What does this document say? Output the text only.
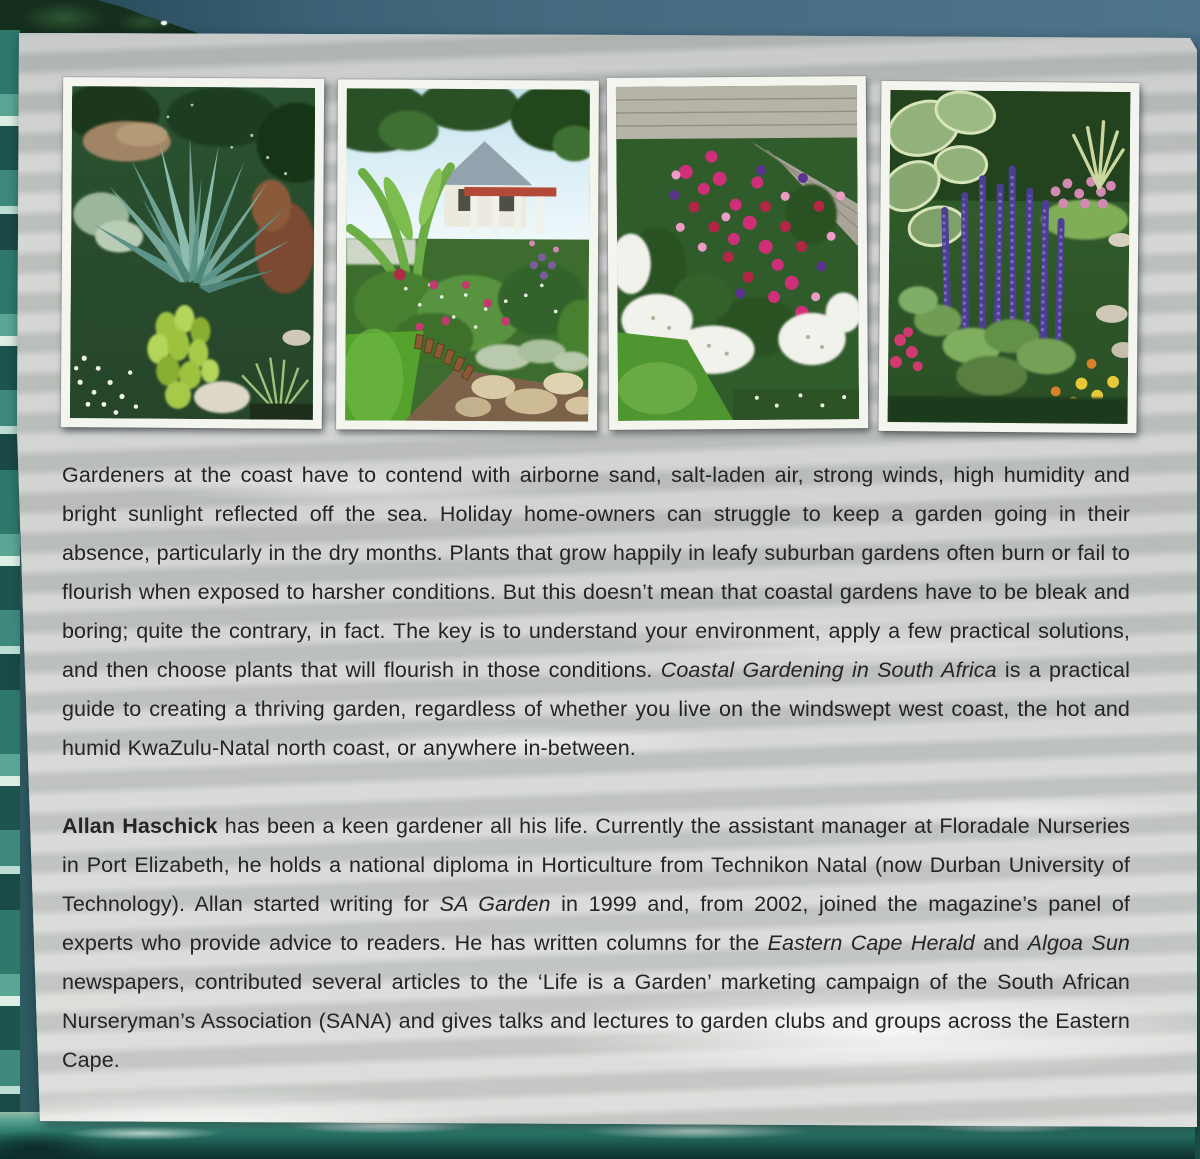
Gardeners at the coast have to contend with airborne sand, salt-laden air, strong winds, high humidity and bright sunlight reflected off the sea. Holiday home-owners can struggle to keep a garden going in their absence, particularly in the dry months. Plants that grow happily in leafy suburban gardens often burn or fail to flourish when exposed to harsher conditions. But this doesn’t mean that coastal gardens have to be bleak and boring; quite the contrary, in fact. The key is to understand your environment, apply a few practical solutions, and then choose plants that will flourish in those conditions. Coastal Gardening in South Africa is a practical guide to creating a thriving garden, regardless of whether you live on the windswept west coast, the hot and humid KwaZulu-Natal north coast, or anywhere in-between.

Allan Haschick has been a keen gardener all his life. Currently the assistant manager at Floradale Nurseries in Port Elizabeth, he holds a national diploma in Horticulture from Technikon Natal (now Durban University of Technology). Allan started writing for SA Garden in 1999 and, from 2002, joined the magazine’s panel of experts who provide advice to readers. He has written columns for the Eastern Cape Herald and Algoa Sun newspapers, contributed several articles to the ‘Life is a Garden’ marketing campaign of the South African Nurseryman’s Association (SANA) and gives talks and lectures to garden clubs and groups across the Eastern Cape.
